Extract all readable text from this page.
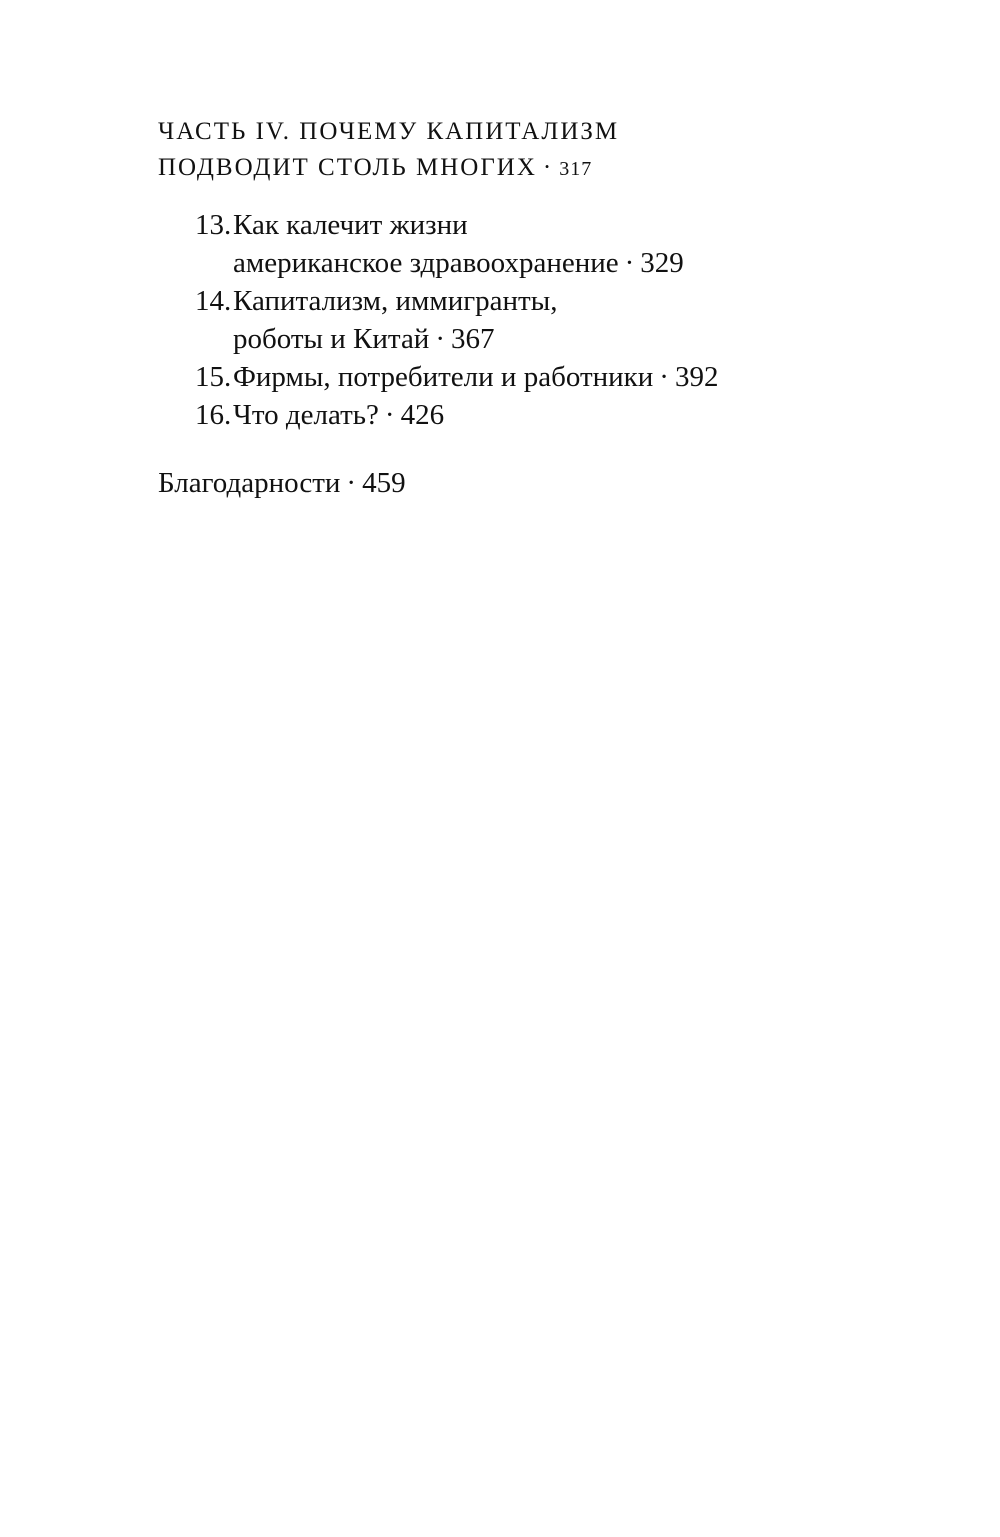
ЧАСТЬ IV. ПОЧЕМУ КАПИТАЛИЗМ
ПОДВОДИТ СТОЛЬ МНОГИХ · 317
13. Как калечит жизни
американское здравоохранение · 329
14. Капитализм, иммигранты,
роботы и Китай · 367
15. Фирмы, потребители и работники · 392
16. Что делать? · 426
Благодарности · 459
